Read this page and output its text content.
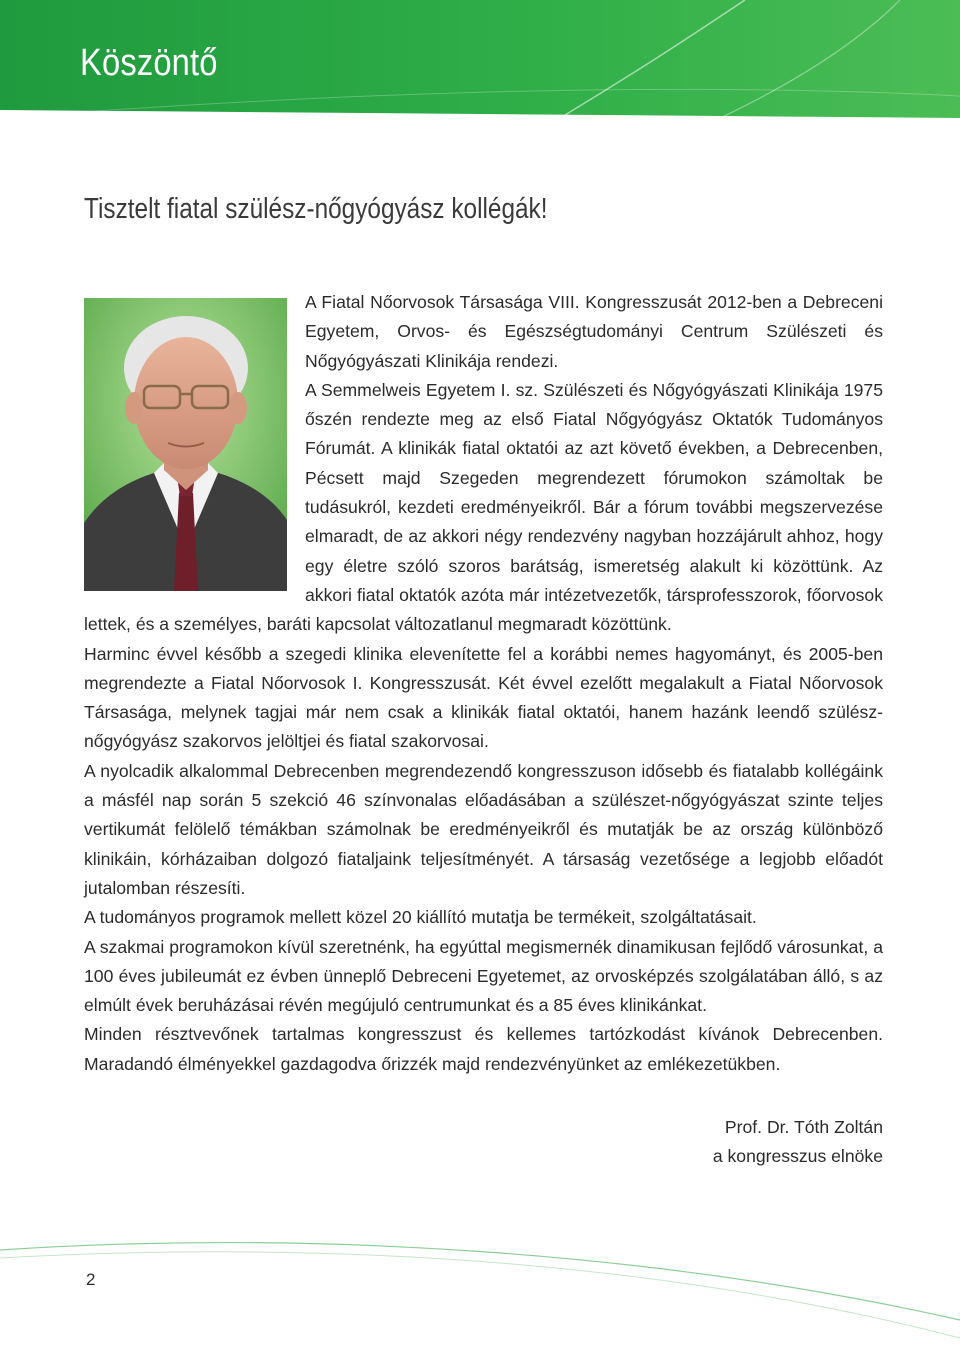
Köszöntő
Tisztelt fiatal szülész-nőgyógyász kollégák!

A Fiatal Nőorvosok Társasága VIII. Kongresszusát 2012-ben a Debreceni Egyetem, Orvos- és Egészségtudományi Centrum Szülészeti és Nőgyógyászati Klinikája rendezi.

A Semmelweis Egyetem I. sz. Szülészeti és Nőgyógyászati Klinikája 1975 őszén rendezte meg az első Fiatal Nőgyógyász Oktatók Tudományos Fórumát. A klinikák fiatal oktatói az azt követő években, a Debrecenben, Pécsett majd Szegeden megrendezett fórumokon számoltak be tudásukról, kezdeti eredményeikről. Bár a fórum további megszervezése elmaradt, de az akkori négy rendezvény nagyban hozzájárult ahhoz, hogy egy életre szóló szoros barátság, ismeretség alakult ki közöttünk. Az akkori fiatal oktatók azóta már intézetvezetők, társprofesszorok, főorvosok lettek, és a személyes, baráti kapcsolat változatlanul megmaradt közöttünk.

Harminc évvel később a szegedi klinika elevenítette fel a korábbi nemes hagyományt, és 2005-ben megrendezte a Fiatal Nőorvosok I. Kongresszusát. Két évvel ezelőtt megalakult a Fiatal Nőorvosok Társasága, melynek tagjai már nem csak a klinikák fiatal oktatói, hanem hazánk leendő szülész-nőgyógyász szakorvos jelöltjei és fiatal szakorvosai.

A nyolcadik alkalommal Debrecenben megrendezendő kongresszuson idősebb és fiatalabb kollégáink a másfél nap során 5 szekció 46 színvonalas előadásában a szülészet-nőgyógyászat szinte teljes vertikumát felölelő témákban számolnak be eredményeikről és mutatják be az ország különböző klinikáin, kórházaiban dolgozó fiataljaink teljesítményét. A társaság vezetősége a legjobb előadót jutalomban részesíti.

A tudományos programok mellett közel 20 kiállító mutatja be termékeit, szolgáltatásait.

A szakmai programokon kívül szeretnénk, ha egyúttal megismernék dinamikusan fejlődő városunkat, a 100 éves jubileumát ez évben ünneplő Debreceni Egyetemet, az orvosképzés szolgálatában álló, s az elmúlt évek beruházásai révén megújuló centrumunkat és a 85 éves klinikánkat.

Minden résztvevőnek tartalmas kongresszust és kellemes tartózkodást kívánok Debrecenben. Maradandó élményekkel gazdagodva őrizzék majd rendezvényünket az emlékezetükben.

Prof. Dr. Tóth Zoltán
a kongresszus elnöke
2
